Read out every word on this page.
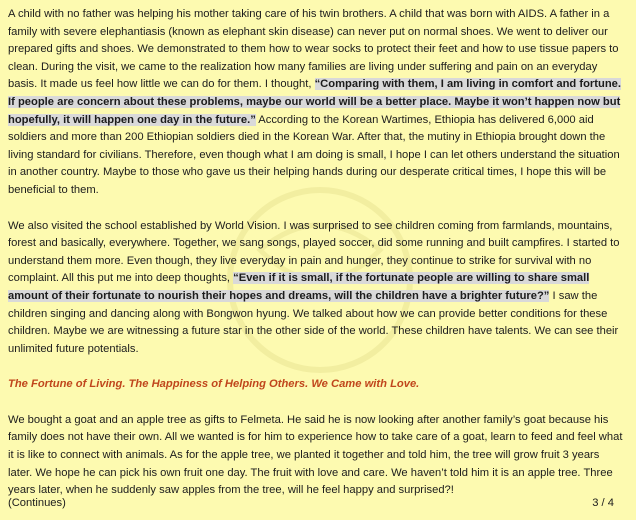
A child with no father was helping his mother taking care of his twin brothers. A child that was born with AIDS. A father in a family with severe elephantiasis (known as elephant skin disease) can never put on normal shoes. We went to deliver our prepared gifts and shoes. We demonstrated to them how to wear socks to protect their feet and how to use tissue papers to clean. During the visit, we came to the realization how many families are living under suffering and pain on an everyday basis. It made us feel how little we can do for them. I thought, “Comparing with them, I am living in comfort and fortune. If people are concern about these problems, maybe our world will be a better place. Maybe it won’t happen now but hopefully, it will happen one day in the future.” According to the Korean Wartimes, Ethiopia has delivered 6,000 aid soldiers and more than 200 Ethiopian soldiers died in the Korean War. After that, the mutiny in Ethiopia brought down the living standard for civilians. Therefore, even though what I am doing is small, I hope I can let others understand the situation in another country. Maybe to those who gave us their helping hands during our desperate critical times, I hope this will be beneficial to them.

We also visited the school established by World Vision. I was surprised to see children coming from farmlands, mountains, forest and basically, everywhere. Together, we sang songs, played soccer, did some running and built campfires. I started to understand them more. Even though, they live everyday in pain and hunger, they continue to strike for survival with no complaint. All this put me into deep thoughts, “Even if it is small, if the fortunate people are willing to share small amount of their fortunate to nourish their hopes and dreams, will the children have a brighter future?” I saw the children singing and dancing along with Bongwon hyung. We talked about how we can provide better conditions for these children. Maybe we are witnessing a future star in the other side of the world. These children have talents. We can see their unlimited future potentials.

The Fortune of Living. The Happiness of Helping Others. We Came with Love.

We bought a goat and an apple tree as gifts to Felmeta. He said he is now looking after another family’s goat because his family does not have their own. All we wanted is for him to experience how to take care of a goat, learn to feed and feel what it is like to connect with animals. As for the apple tree, we planted it together and told him, the tree will grow fruit 3 years later. We hope he can pick his own fruit one day. The fruit with love and care. We haven’t told him it is an apple tree. Three years later, when he suddenly saw apples from the tree, will he feel happy and surprised?!

(Continues)	3 / 4
